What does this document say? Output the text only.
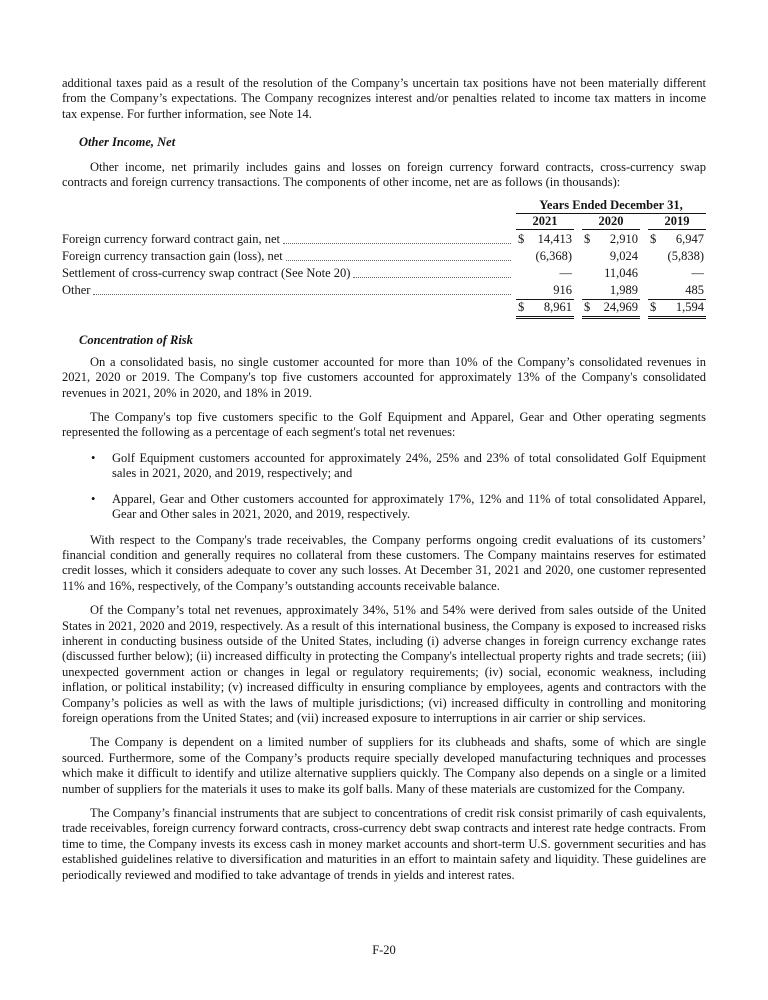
additional taxes paid as a result of the resolution of the Company’s uncertain tax positions have not been materially different from the Company’s expectations. The Company recognizes interest and/or penalties related to income tax matters in income tax expense. For further information, see Note 14.

Other Income, Net

Other income, net primarily includes gains and losses on foreign currency forward contracts, cross-currency swap contracts and foreign currency transactions. The components of other income, net are as follows (in thousands):

Years Ended December 31,
2021	2020	2019
Foreign currency forward contract gain, net	$ 14,413 $ 2,910 $ 6,947
Foreign currency transaction gain (loss), net	(6,368)	9,024 (5,838)
Settlement of cross-currency swap contract (See Note 20)	—	11,046	—
Other	916	1,989	485
$ 8,961 $ 24,969 $ 1,594

Concentration of Risk

On a consolidated basis, no single customer accounted for more than 10% of the Company’s consolidated revenues in 2021, 2020 or 2019. The Company's top five customers accounted for approximately 13% of the Company's consolidated revenues in 2021, 20% in 2020, and 18% in 2019.

The Company's top five customers specific to the Golf Equipment and Apparel, Gear and Other operating segments represented the following as a percentage of each segment's total net revenues:

•	Golf Equipment customers accounted for approximately 24%, 25% and 23% of total consolidated Golf Equipment sales in 2021, 2020, and 2019, respectively; and
•	Apparel, Gear and Other customers accounted for approximately 17%, 12% and 11% of total consolidated Apparel, Gear and Other sales in 2021, 2020, and 2019, respectively.

With respect to the Company's trade receivables, the Company performs ongoing credit evaluations of its customers’ financial condition and generally requires no collateral from these customers. The Company maintains reserves for estimated credit losses, which it considers adequate to cover any such losses. At December 31, 2021 and 2020, one customer represented 11% and 16%, respectively, of the Company’s outstanding accounts receivable balance.

Of the Company’s total net revenues, approximately 34%, 51% and 54% were derived from sales outside of the United States in 2021, 2020 and 2019, respectively. As a result of this international business, the Company is exposed to increased risks inherent in conducting business outside of the United States, including (i) adverse changes in foreign currency exchange rates (discussed further below); (ii) increased difficulty in protecting the Company's intellectual property rights and trade secrets; (iii) unexpected government action or changes in legal or regulatory requirements; (iv) social, economic weakness, including inflation, or political instability; (v) increased difficulty in ensuring compliance by employees, agents and contractors with the Company’s policies as well as with the laws of multiple jurisdictions; (vi) increased difficulty in controlling and monitoring foreign operations from the United States; and (vii) increased exposure to interruptions in air carrier or ship services.

The Company is dependent on a limited number of suppliers for its clubheads and shafts, some of which are single sourced. Furthermore, some of the Company’s products require specially developed manufacturing techniques and processes which make it difficult to identify and utilize alternative suppliers quickly. The Company also depends on a single or a limited number of suppliers for the materials it uses to make its golf balls. Many of these materials are customized for the Company.

The Company’s financial instruments that are subject to concentrations of credit risk consist primarily of cash equivalents, trade receivables, foreign currency forward contracts, cross-currency debt swap contracts and interest rate hedge contracts. From time to time, the Company invests its excess cash in money market accounts and short-term U.S. government securities and has established guidelines relative to diversification and maturities in an effort to maintain safety and liquidity. These guidelines are periodically reviewed and modified to take advantage of trends in yields and interest rates.

F-20
